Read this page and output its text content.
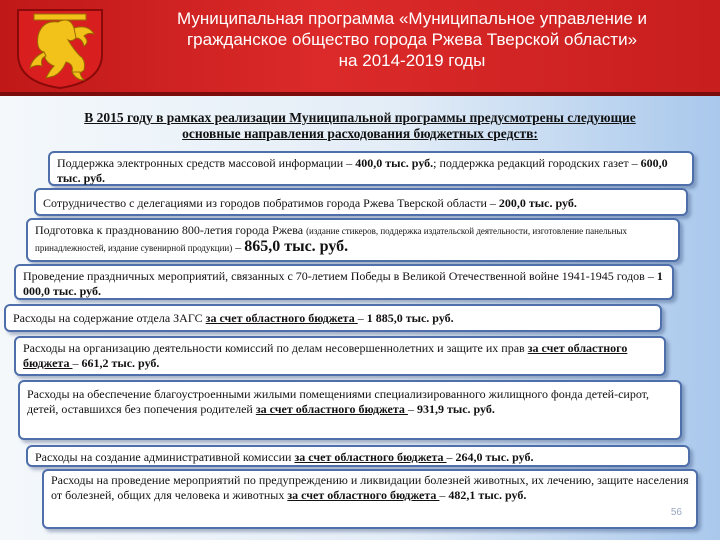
Муниципальная программа «Муниципальное управление и
гражданское общество города Ржева Тверской области»
на 2014-2019 годы
В 2015 году в рамках реализации Муниципальной программы предусмотрены следующие
основные направления расходования бюджетных средств:
Поддержка электронных средств массовой информации – 400,0 тыс. руб.; поддержка редакций городских газет – 600,0 тыс. руб.
Сотрудничество с делегациями из городов побратимов города Ржева Тверской области – 200,0 тыс. руб.
Подготовка к празднованию 800-летия города Ржева (издание стикеров, поддержка издательской деятельности, изготовление панельных принадлежностей, издание сувенирной продукции) – 865,0 тыс. руб.
Проведение праздничных мероприятий, связанных с 70-летием Победы в Великой Отечественной войне 1941-1945 годов – 1 000,0 тыс. руб.
Расходы на содержание отдела ЗАГС за счет областного бюджета – 1 885,0 тыс. руб.
Расходы на организацию деятельности комиссий по делам несовершеннолетних и защите их прав за счет областного бюджета – 661,2 тыс. руб.
Расходы на обеспечение благоустроенными жилыми помещениями специализированного жилищного фонда детей-сирот, детей, оставшихся без попечения родителей за счет областного бюджета – 931,9 тыс. руб.
Расходы на создание административной комиссии за счет областного бюджета – 264,0 тыс. руб.
Расходы на проведение мероприятий по предупреждению и ликвидации болезней животных, их лечению, защите населения от болезней, общих для человека и животных за счет областного бюджета – 482,1 тыс. руб.
56
